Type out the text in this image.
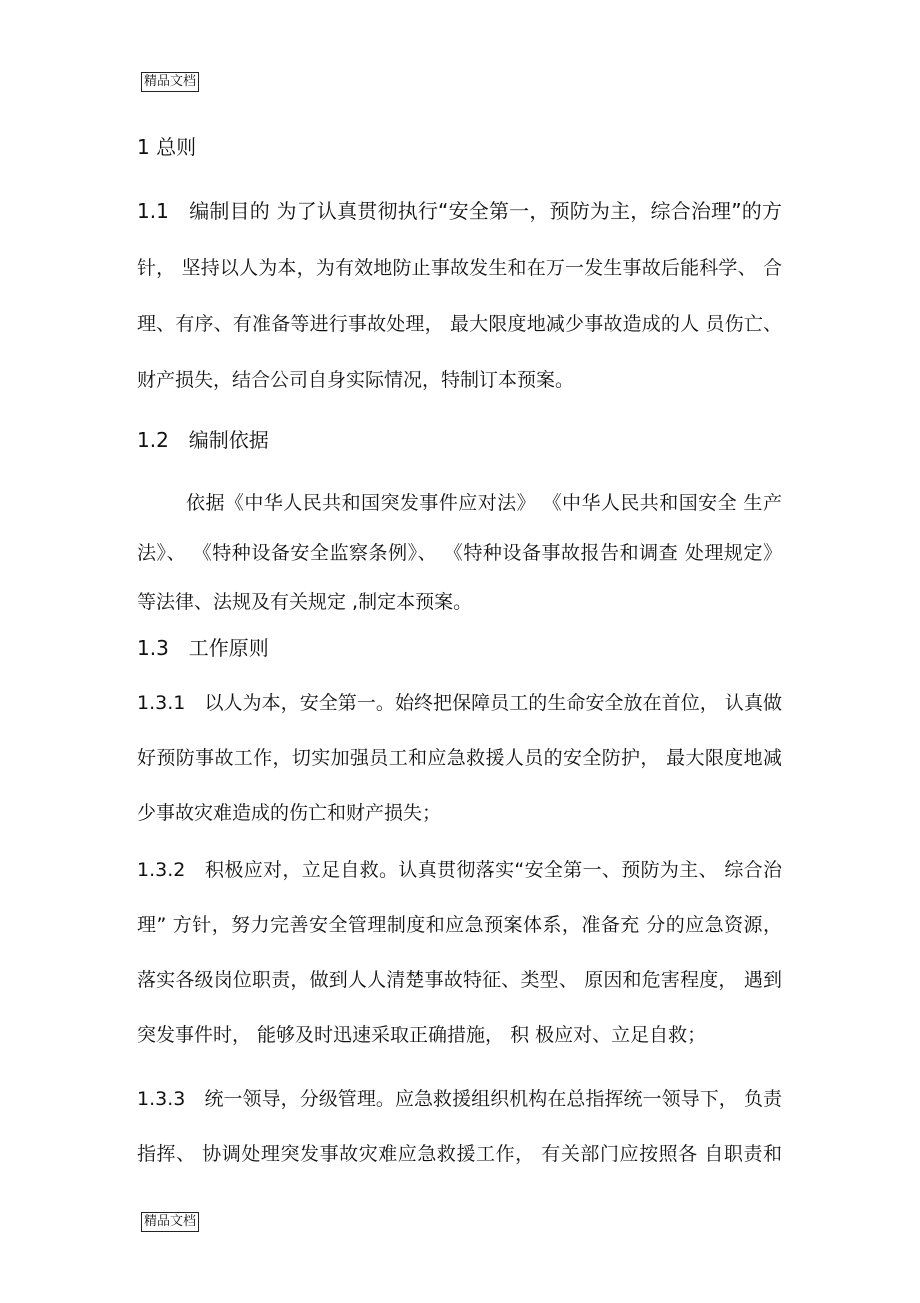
精品文档
1 总则
1.1　编制目的 为了认真贯彻执行“安全第一，预防为主，综合治理”的方
针， 坚持以人为本，为有效地防止事故发生和在万一发生事故后能科学、 合
理、有序、有准备等进行事故处理， 最大限度地减少事故造成的人 员伤亡、
财产损失，结合公司自身实际情况，特制订本预案。
1.2　编制依据
依据《中华人民共和国突发事件应对法》 《中华人民共和国安全 生产
法》、 《特种设备安全监察条例》、 《特种设备事故报告和调查 处理规定》
等法律、法规及有关规定 ,制定本预案。
1.3　工作原则
1.3.1　以人为本，安全第一。始终把保障员工的生命安全放在首位， 认真做
好预防事故工作，切实加强员工和应急救援人员的安全防护， 最大限度地减
少事故灾难造成的伤亡和财产损失；
1.3.2　积极应对，立足自救。认真贯彻落实“安全第一、预防为主、 综合治
理” 方针，努力完善安全管理制度和应急预案体系，准备充 分的应急资源，
落实各级岗位职责，做到人人清楚事故特征、类型、 原因和危害程度， 遇到
突发事件时， 能够及时迅速采取正确措施， 积 极应对、立足自救；
1.3.3　统一领导，分级管理。应急救援组织机构在总指挥统一领导下， 负责
指挥、 协调处理突发事故灾难应急救援工作， 有关部门应按照各 自职责和
精品文档
